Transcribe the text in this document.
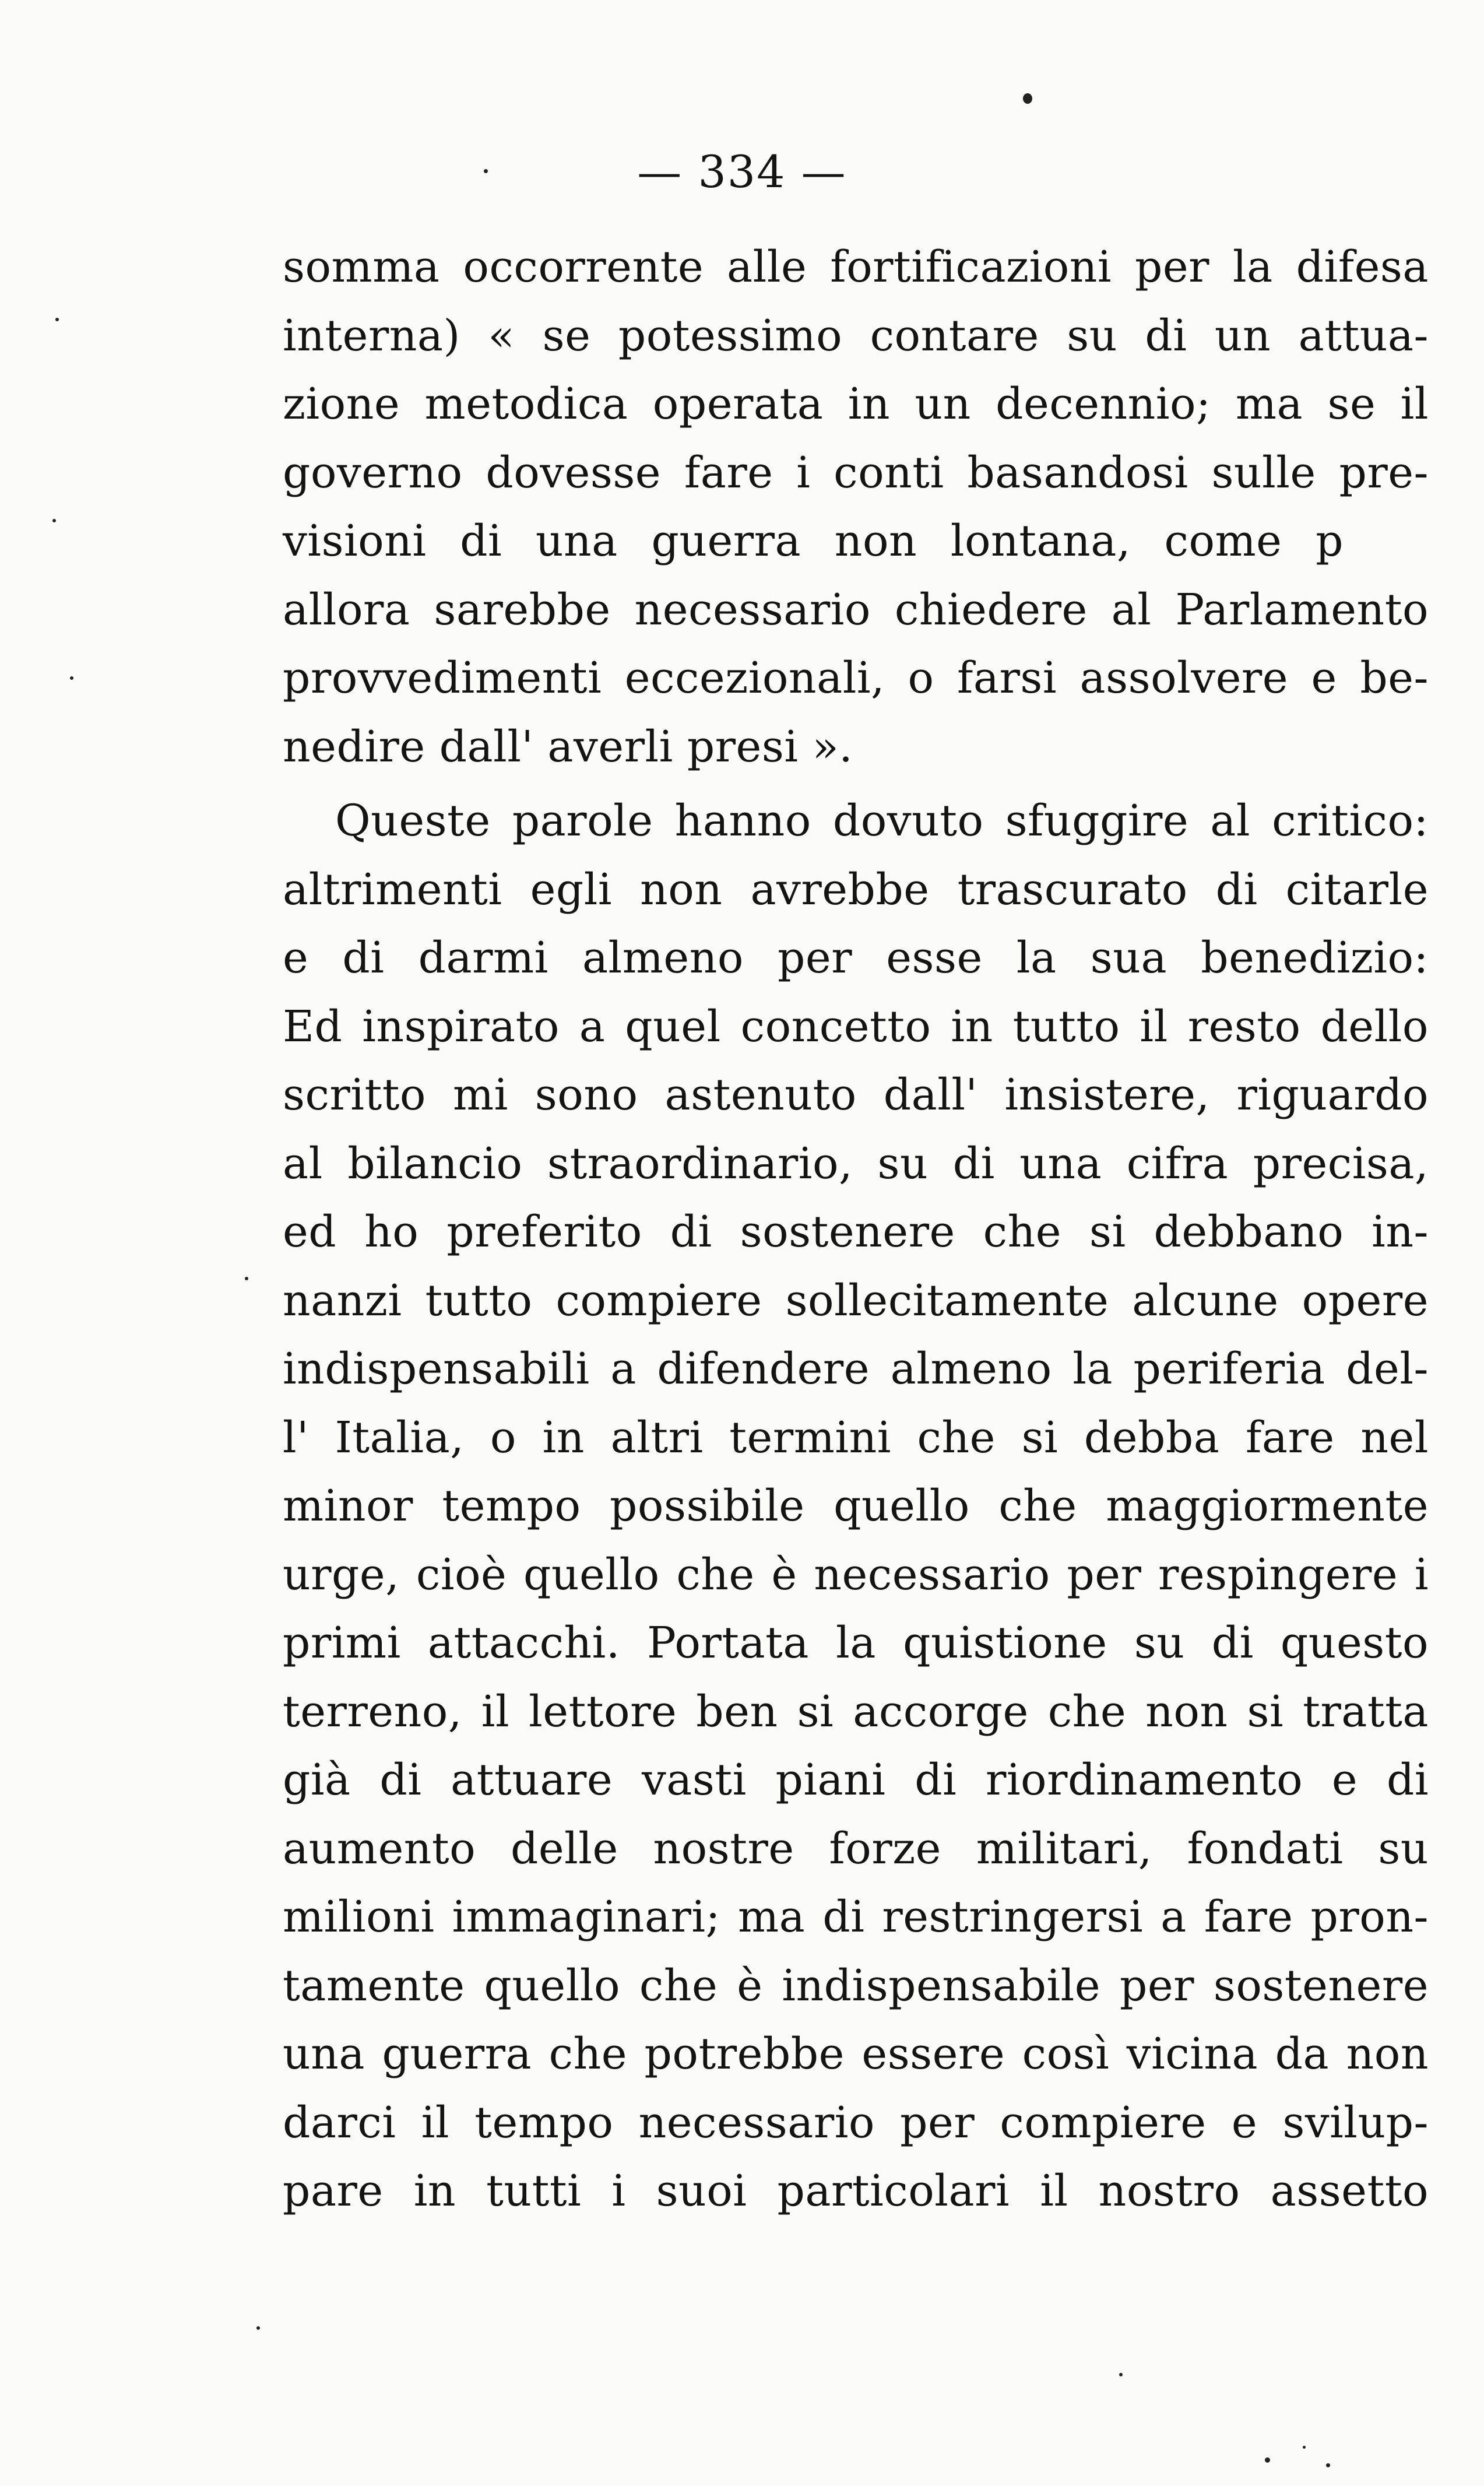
— 334 —
somma occorrente alle fortificazioni per la difesa
interna) « se potessimo contare su di un attua-
zione metodica operata in un decennio; ma se il
governo dovesse fare i conti basandosi sulle pre-
visioni di una guerra non lontana, come p
allora sarebbe necessario chiedere al Parlamento
provvedimenti eccezionali, o farsi assolvere e be-
nedire dall' averli presi ».
Queste parole hanno dovuto sfuggire al critico:
altrimenti egli non avrebbe trascurato di citarle
e di darmi almeno per esse la sua benedizio:
Ed inspirato a quel concetto in tutto il resto dello
scritto mi sono astenuto dall' insistere, riguardo
al bilancio straordinario, su di una cifra precisa,
ed ho preferito di sostenere che si debbano in-
nanzi tutto compiere sollecitamente alcune opere
indispensabili a difendere almeno la periferia del-
l' Italia, o in altri termini che si debba fare nel
minor tempo possibile quello che maggiormente
urge, cioè quello che è necessario per respingere i
primi attacchi. Portata la quistione su di questo
terreno, il lettore ben si accorge che non si tratta
già di attuare vasti piani di riordinamento e di
aumento delle nostre forze militari, fondati su
milioni immaginari; ma di restringersi a fare pron-
tamente quello che è indispensabile per sostenere
una guerra che potrebbe essere così vicina da non
darci il tempo necessario per compiere e svilup-
pare in tutti i suoi particolari il nostro assetto
